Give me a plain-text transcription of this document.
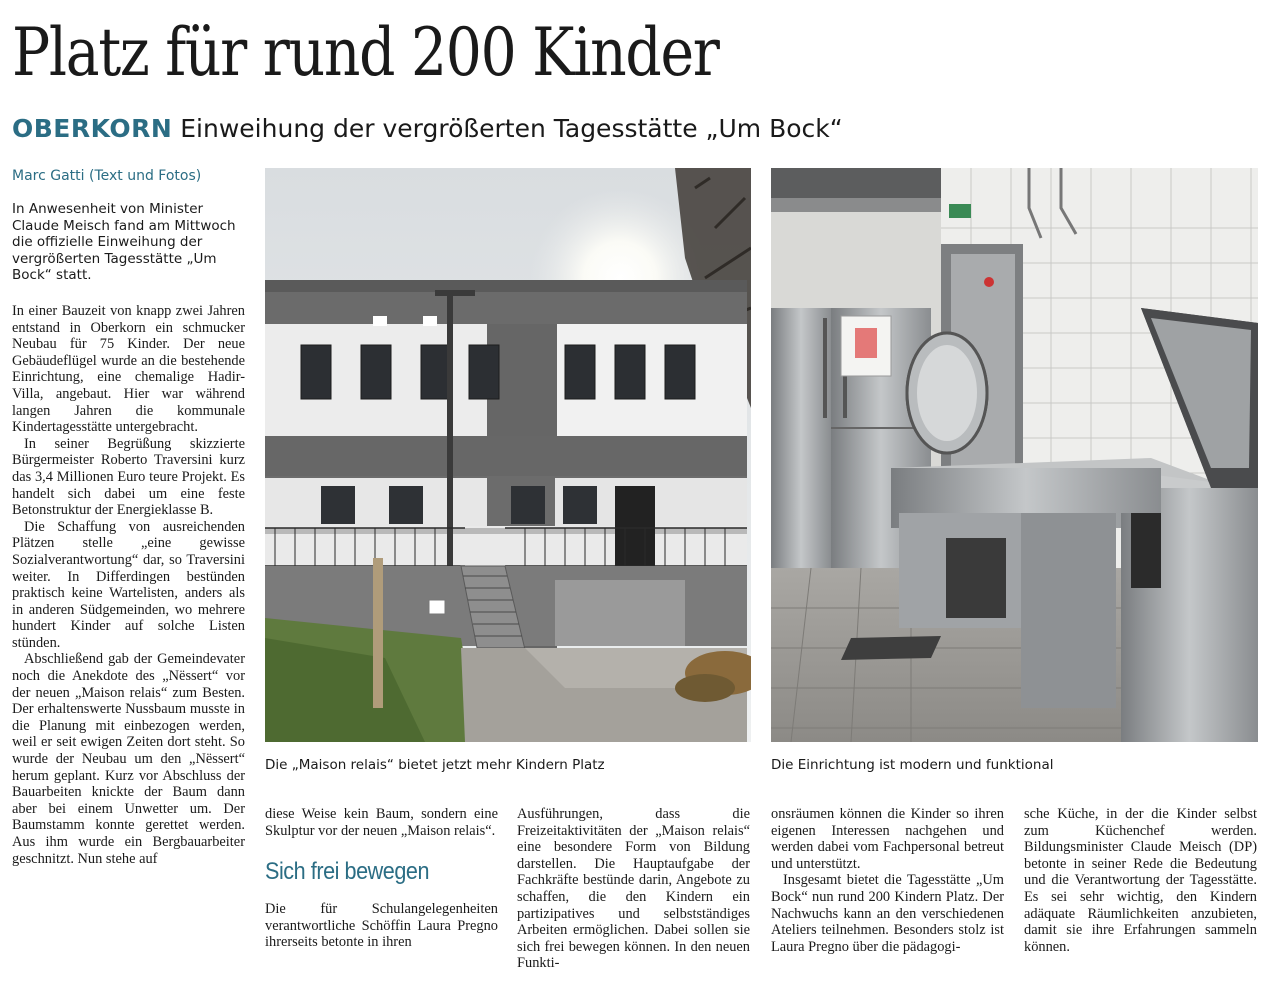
Platz für rund 200 Kinder
OBERKORN Einweihung der vergrößerten Tagesstätte „Um Bock“
Marc Gatti (Text und Fotos)
In Anwesenheit von Minister Claude Meisch fand am Mittwoch die offizielle Einweihung der vergrößerten Tagesstätte „Um Bock“ statt.

In einer Bauzeit von knapp zwei Jahren entstand in Oberkorn ein schmucker Neubau für 75 Kinder. Der neue Gebäudeflügel wurde an die bestehende Einrichtung, eine chemalige Hadir-Villa, angebaut. Hier war während langen Jahren die kommunale Kindertagesstätte untergebracht.

In seiner Begrüßung skizzierte Bürgermeister Roberto Traversini kurz das 3,4 Millionen Euro teure Projekt. Es handelt sich dabei um eine feste Betonstruktur der Energieklasse B.

Die Schaffung von ausreichenden Plätzen stelle „eine gewisse Sozialverantwortung“ dar, so Traversini weiter. In Differdingen bestünden praktisch keine Wartelisten, anders als in anderen Südgemeinden, wo mehrere hundert Kinder auf solche Listen stünden.

Abschließend gab der Gemeindevater noch die Anekdote des „Nëssert“ vor der neuen „Maison relais“ zum Besten. Der erhaltenswerte Nussbaum musste in die Planung mit einbezogen werden, weil er seit ewigen Zeiten dort steht. So wurde der Neubau um den „Nëssert“ herum geplant. Kurz vor Abschluss der Bauarbeiten knickte der Baum dann aber bei einem Unwetter um. Der Baumstamm konnte gerettet werden. Aus ihm wurde ein Bergbauarbeiter geschnitzt. Nun stehe auf

Die „Maison relais“ bietet jetzt mehr Kindern Platz	Die Einrichtung ist modern und funktional

diese Weise kein Baum, sondern eine Skulptur vor der neuen „Maison relais“.

Sich frei bewegen

Die für Schulangelegenheiten verantwortliche Schöffin Laura Pregno ihrerseits betonte in ihren

Ausführungen, dass die Freizeitaktivitäten der „Maison relais“ eine besondere Form von Bildung darstellen. Die Hauptaufgabe der Fachkräfte bestünde darin, Angebote zu schaffen, die den Kindern ein partizipatives und selbstständiges Arbeiten ermöglichen. Dabei sollen sie sich frei bewegen können. In den neuen Funkti-

onsräumen können die Kinder so ihren eigenen Interessen nachgehen und werden dabei vom Fachpersonal betreut und unterstützt.

Insgesamt bietet die Tagesstätte „Um Bock“ nun rund 200 Kindern Platz. Der Nachwuchs kann an den verschiedenen Ateliers teilnehmen. Besonders stolz ist Laura Pregno über die pädagogi-

sche Küche, in der die Kinder selbst zum Küchenchef werden. Bildungsminister Claude Meisch (DP) betonte in seiner Rede die Bedeutung und die Verantwortung der Tagesstätte. Es sei sehr wichtig, den Kindern adäquate Räumlichkeiten anzubieten, damit sie ihre Erfahrungen sammeln können.
